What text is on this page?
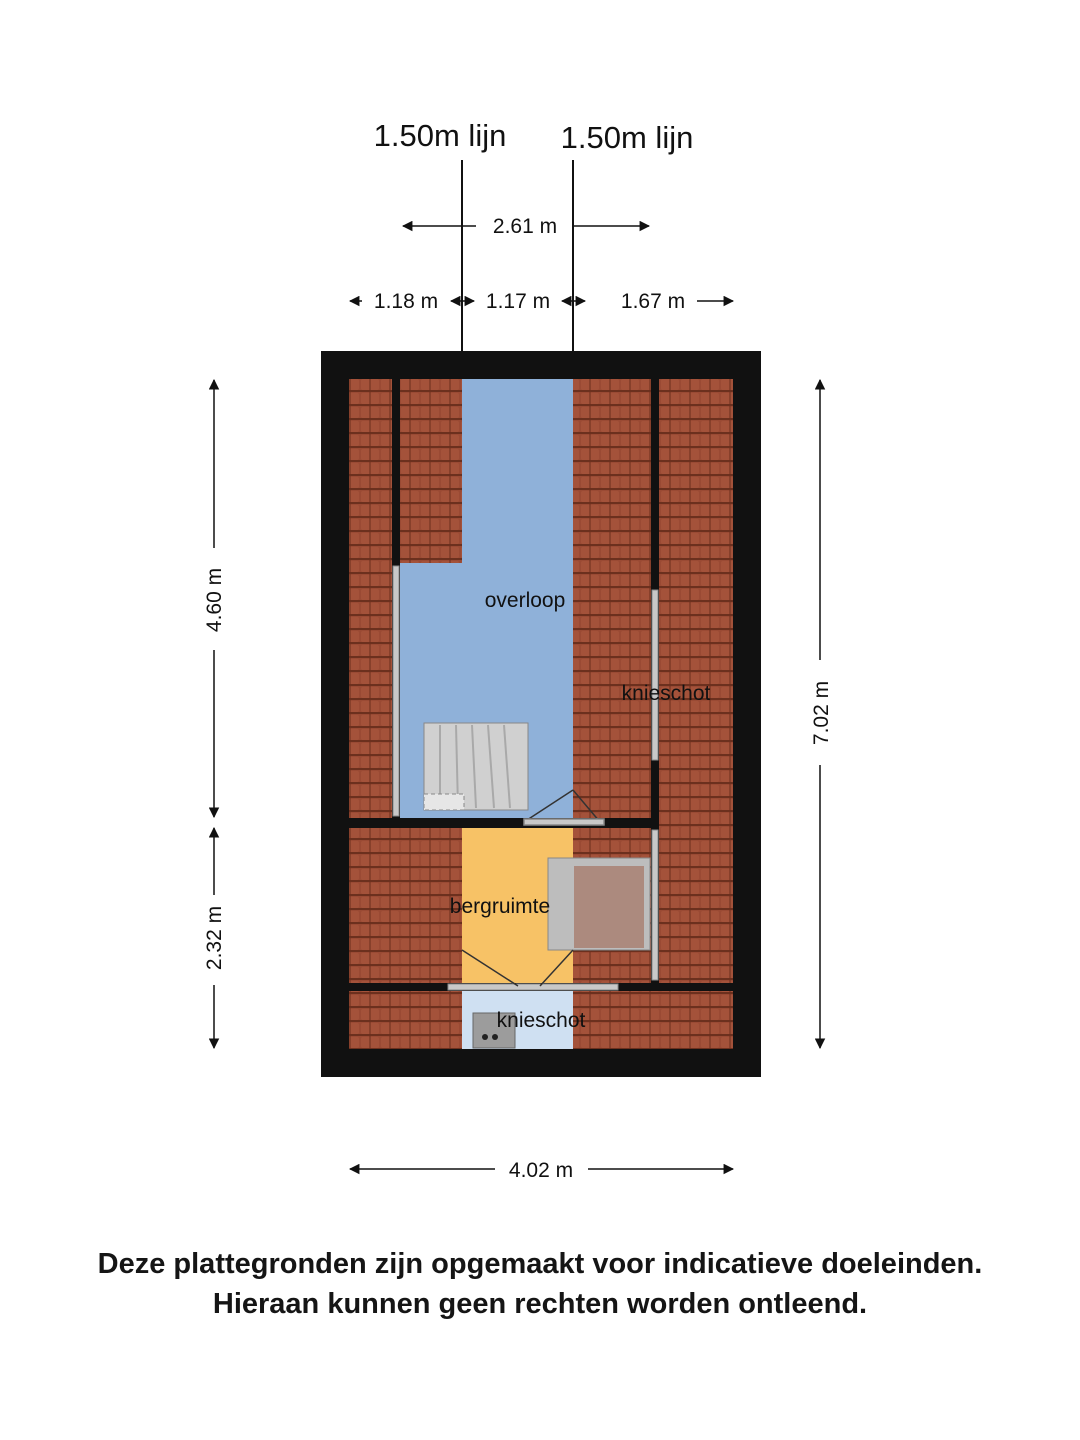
1.50m lijn 1.50m lijn
2.61 m
1.18 m 1.17 m	1.67 m
4.60 m
2.32 m
7.02 m
4.02 m
overloop
knieschot
bergruimte
knieschot
Deze plattegronden zijn opgemaakt voor indicatieve doeleinden.
Hieraan kunnen geen rechten worden ontleend.
